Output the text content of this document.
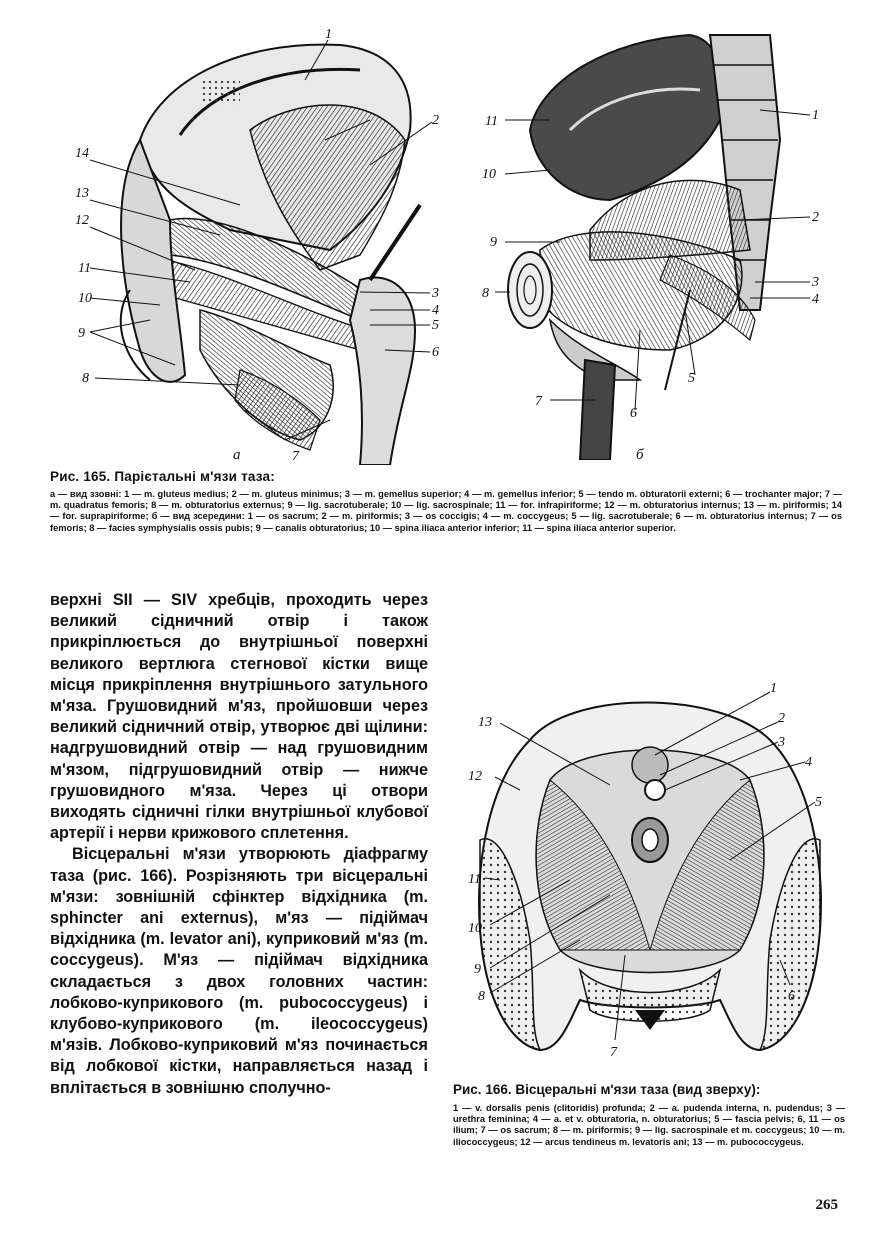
1
2
14
13
12
11
10
9
8
7
6
5
4
3
а
11
10
9
8
7
6
5
4
3
2
1
б
Рис. 165. Парієтальні м'язи таза:
а — вид ззовні: 1 — m. gluteus medius; 2 — m. gluteus minimus; 3 — m. gemellus superior; 4 — m. gemellus inferior; 5 — tendo m. obturatorii externi; 6 — trochanter major; 7 — m. quadratus femoris; 8 — m. obturatorius externus; 9 — lig. sacrotuberale; 10 — lig. sacrospinale; 11 — for. infrapiriforme; 12 — m. obturatorius internus; 13 — m. piriformis; 14 — for. suprapiriforme; б — вид зсередини: 1 — os sacrum; 2 — m. piriformis; 3 — os coccigis; 4 — m. coccygeus; 5 — lig. sacrotuberale; 6 — m. obturatorius internus; 7 — os femoris; 8 — facies symphysialis ossis pubis; 9 — canalis obturatorius; 10 — spina iliaca anterior inferior; 11 — spina iliaca anterior superior.

верхні SII — SIV хребців, проходить через великий сідничний отвір і також прикріплюється до внутрішньої поверхні великого вертлюга стегнової кістки вище місця прикріплення внутрішнього затульного м'яза. Грушовидний м'яз, пройшовши через великий сідничний отвір, утворює дві щілини: надгрушовидний отвір — над грушовидним м'язом, підгрушовидний отвір — нижче грушовидного м'яза. Через ці отвори виходять сідничні гілки внутрішньої клубової артерії і нерви крижового сплетення.

Вісцеральні м'язи утворюють діафрагму таза (рис. 166). Розрізняють три вісцеральні м'язи: зовнішній сфінктер відхідника (m. sphincter ani externus), м'яз — підіймач відхідника (m. levator ani), куприковий м'яз (m. coccygeus). М'яз — підіймач відхідника складається з двох головних частин: лобково-куприкового (m. pubococcygeus) і клубово-куприкового (m. ileococcygeus) м'язів. Лобково-куприковий м'яз починається від лобкової кістки, направляється назад і вплітається в зовнішню сполучно-

1
2
3
4
5
6
7
8
9
10
11
12
13
Рис. 166. Вісцеральні м'язи таза (вид зверху):
1 — v. dorsalis penis (clitoridis) profunda; 2 — a. pudenda interna, n. pudendus; 3 — urethra feminina; 4 — a. et v. obturatoria, n. obturatorius; 5 — fascia pelvis; 6, 11 — os ilium; 7 — os sacrum; 8 — m. piriformis; 9 — lig. sacrospinale et m. coccygeus; 10 — m. iliococcygeus; 12 — arcus tendineus m. levatoris ani; 13 — m. pubococcygeus.
265
